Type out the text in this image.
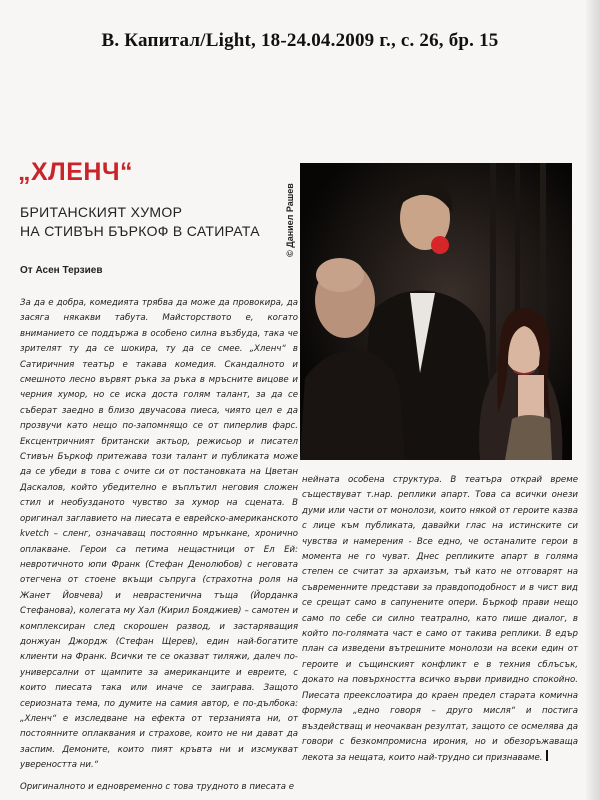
В. Капитал/Light, 18-24.04.2009 г., с. 26, бр. 15
„ХЛЕНЧ“
БРИТАНСКИЯТ ХУМОР
НА СТИВЪН БЪРКОФ В САТИРАТА
От Асен Терзиев
© Даниел Рашев

За да е добра, комедията трябва да може да провокира, да засяга някакви табута. Майсторството е, когато вниманието се поддържа в особено силна възбуда, така че зрителят ту да се шокира, ту да се смее. „Хленч“ в Сатиричния театър е такава комедия. Скандалното и смешното лесно вървят ръка за ръка в мръсните вицове и черния хумор, но се иска доста голям талант, за да се съберат заедно в близо двучасова пиеса, чиято цел е да прозвучи като нещо по-запомнящо се от пиперлив фарс. Ексцентричният британски актьор, режисьор и писател Стивън Бъркоф притежава този талант и публиката може да се убеди в това с очите си от постановката на Цветан Даскалов, който убедително е въплътил неговия сложен стил и необузданото чувство за хумор на сцената. В оригинал заглавието на пиесата е еврейско-американското kvetch – сленг, означаващ постоянно мрънкане, хронично оплакване. Герои са петима нещастници от Ел Ей: невротичното юпи Франк (Стефан Денолюбов) с неговата отегчена от стоене вкъщи съпруга (страхотна роля на Жанет Йовчева) и неврастенична тъща (Йорданка Стефанова), колегата му Хал (Кирил Бояджиев) – самотен и комплексиран след скорошен развод, и застаряващия донжуан Джордж (Стефан Щерев), един най-богатите клиенти на Франк. Всички те се оказват тиляжи, далеч по-универсални от щампите за американците и евреите, с които пиесата така или иначе се заиграва. Защото сериозната тема, по думите на самия автор, е по-дълбока: „Хленч“ е изследване на ефекта от терзанията ни, от постоянните оплаквания и страхове, които не ни дават да заспим. Демоните, които пият кръвта ни и изсмукват увереността ни.“

Оригиналното и едновременно с това трудното в пиесата е

нейната особена структура. В театъра открай време съществуват т.нар. реплики апарт. Това са всички онези думи или части от монолози, които някой от героите казва с лице към публиката, давайки глас на истинските си чувства и намерения - Все едно, че останалите герои в момента не го чуват. Днес репликите апарт в голяма степен се считат за архаизъм, тъй като не отговарят на съвременните представи за правдоподобност и в чист вид се срещат само в сапунените опери. Бъркоф прави нещо само по себе си силно театрално, като пише диалог, в който по-голямата част е само от такива реплики. В едър план са изведени вътрешните монолози на всеки един от героите и същинският конфликт е в техния сблъсък, докато на повърхността всичко върви привидно спокойно. Пиесата преекслоатира до краен предел старата комична формула „едно говоря – друго мисля“ и постига въздействащ и неочакван резултат, защото се осмелява да говори с безкомпромисна ирония, но и обезоръжаваща лекота за нещата, които най-трудно си признаваме.
